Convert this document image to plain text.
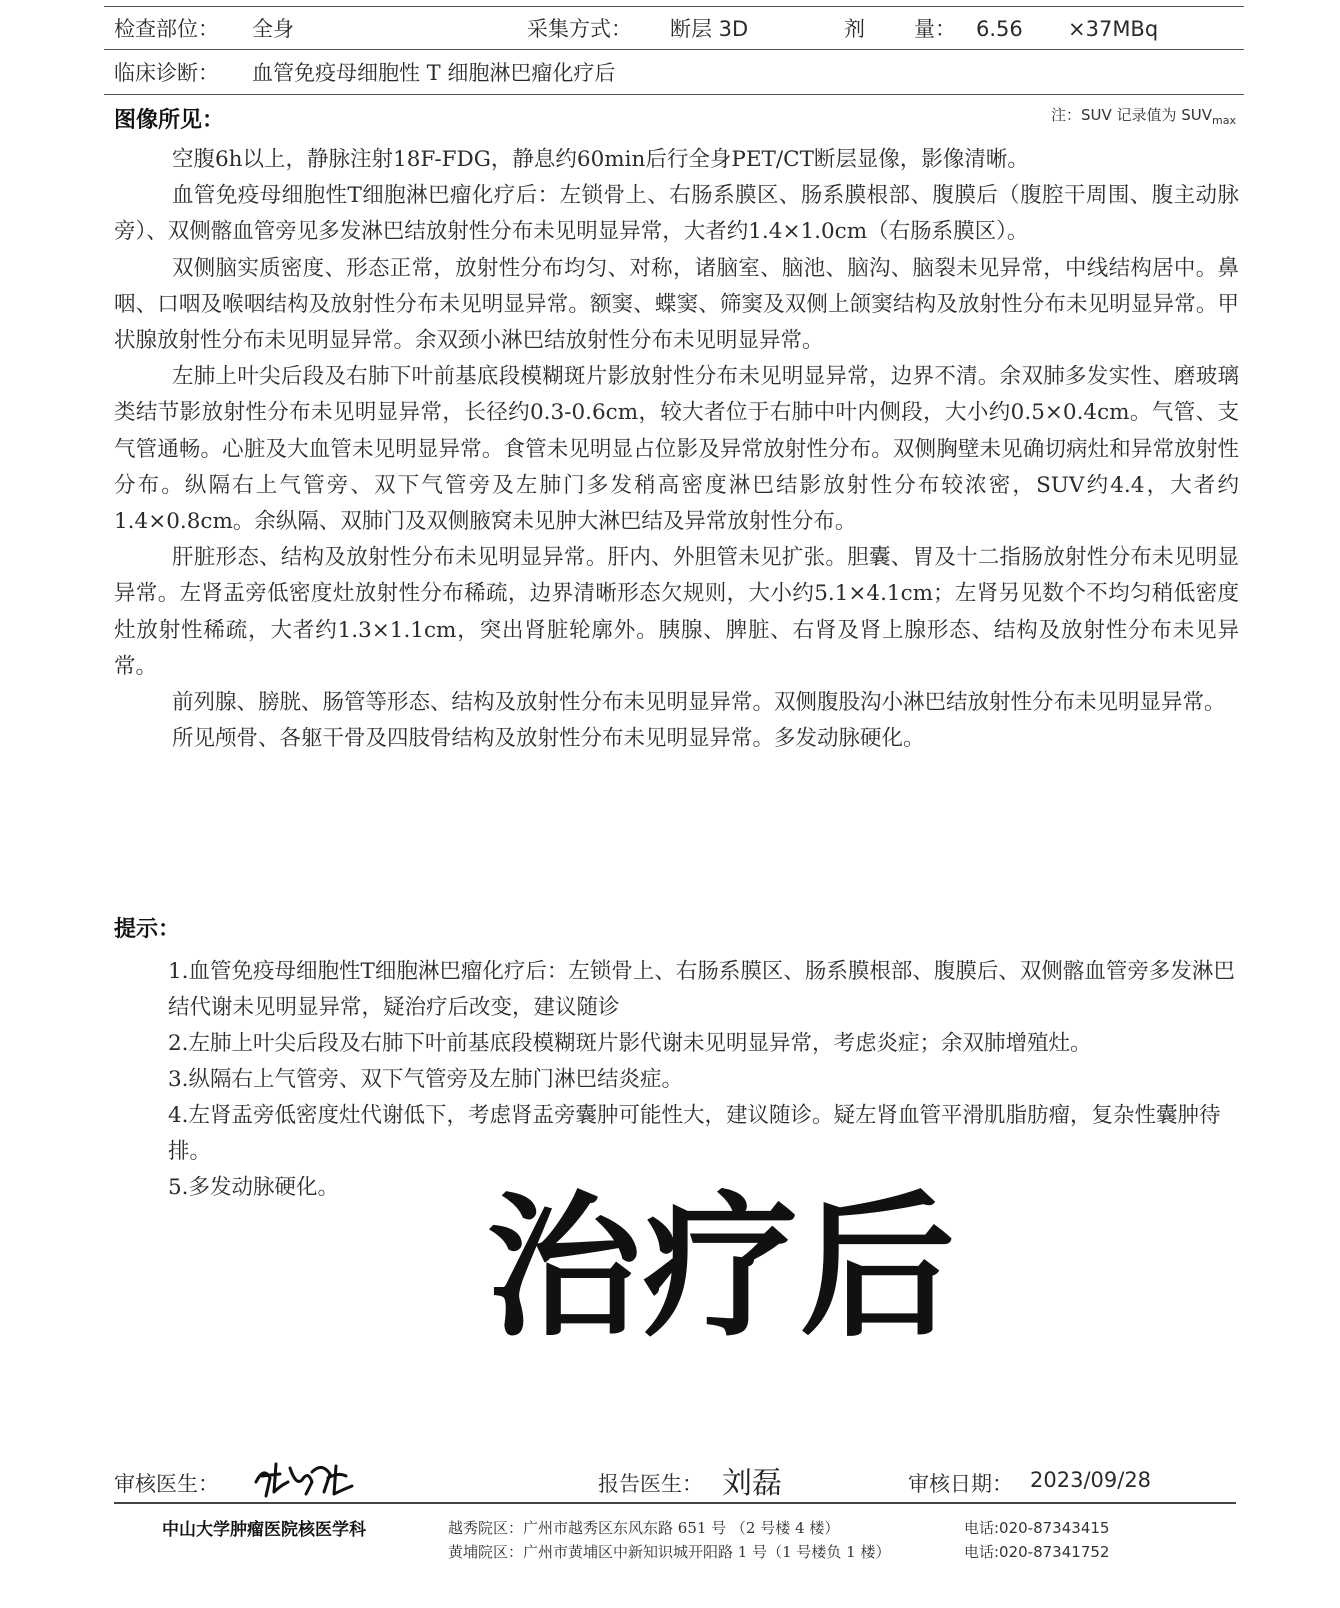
检查部位： 全身	采集方式： 断层 3D	剂 量： 6.56 ×37MBq
临床诊断： 血管免疫母细胞性 T 细胞淋巴瘤化疗后
图像所见：	注：SUV 记录值为 $SUV_{max}$

空腹6h以上，静脉注射18F-FDG，静息约60min后行全身PET/CT断层显像，影像清晰。

血管免疫母细胞性T细胞淋巴瘤化疗后：左锁骨上、右肠系膜区、肠系膜根部、腹膜后（腹腔干周围、腹主动脉旁）、双侧髂血管旁见多发淋巴结放射性分布未见明显异常，大者约1.4×1.0cm（右肠系膜区）。

双侧脑实质密度、形态正常，放射性分布均匀、对称，诸脑室、脑池、脑沟、脑裂未见异常，中线结构居中。鼻咽、口咽及喉咽结构及放射性分布未见明显异常。额窦、蝶窦、筛窦及双侧上颌窦结构及放射性分布未见明显异常。甲状腺放射性分布未见明显异常。余双颈小淋巴结放射性分布未见明显异常。

左肺上叶尖后段及右肺下叶前基底段模糊斑片影放射性分布未见明显异常，边界不清。余双肺多发实性、磨玻璃类结节影放射性分布未见明显异常，长径约0.3-0.6cm，较大者位于右肺中叶内侧段，大小约0.5×0.4cm。气管、支气管通畅。心脏及大血管未见明显异常。食管未见明显占位影及异常放射性分布。双侧胸壁未见确切病灶和异常放射性分布。纵隔右上气管旁、双下气管旁及左肺门多发稍高密度淋巴结影放射性分布较浓密，SUV约4.4，大者约1.4×0.8cm。余纵隔、双肺门及双侧腋窝未见肿大淋巴结及异常放射性分布。

肝脏形态、结构及放射性分布未见明显异常。肝内、外胆管未见扩张。胆囊、胃及十二指肠放射性分布未见明显异常。左肾盂旁低密度灶放射性分布稀疏，边界清晰形态欠规则，大小约5.1×4.1cm；左肾另见数个不均匀稍低密度灶放射性稀疏，大者约1.3×1.1cm，突出肾脏轮廓外。胰腺、脾脏、右肾及肾上腺形态、结构及放射性分布未见异常。

前列腺、膀胱、肠管等形态、结构及放射性分布未见明显异常。双侧腹股沟小淋巴结放射性分布未见明显异常。

所见颅骨、各躯干骨及四肢骨结构及放射性分布未见明显异常。多发动脉硬化。

提示：
1.血管免疫母细胞性T细胞淋巴瘤化疗后：左锁骨上、右肠系膜区、肠系膜根部、腹膜后、双侧髂血管旁多发淋巴结代谢未见明显异常，疑治疗后改变，建议随诊
2.左肺上叶尖后段及右肺下叶前基底段模糊斑片影代谢未见明显异常，考虑炎症；余双肺增殖灶。
3.纵隔右上气管旁、双下气管旁及左肺门淋巴结炎症。
4.左肾盂旁低密度灶代谢低下，考虑肾盂旁囊肿可能性大，建议随诊。疑左肾血管平滑肌脂肪瘤，复杂性囊肿待排。
5.多发动脉硬化。 治疗后
审核医生：	报告医生： 刘磊	审核日期： 2023/09/28
中山大学肿瘤医院核医学科	越秀院区：广州市越秀区东风东路 651 号 （2 号楼 4 楼）	电话:020-87343415
黄埔院区：广州市黄埔区中新知识城开阳路 1 号（1 号楼负 1 楼）	电话:020-87341752
